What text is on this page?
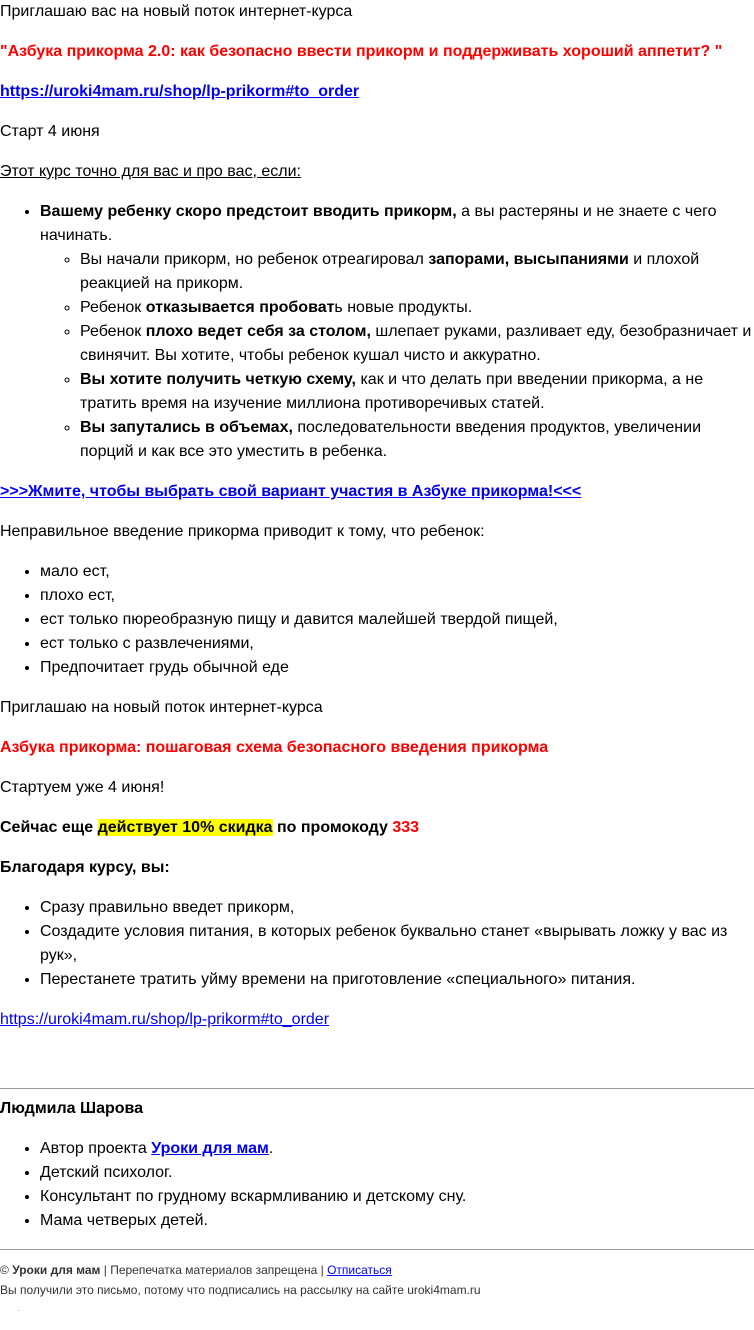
Приглашаю вас на новый поток интернет-курса

"Азбука прикорма 2.0: как безопасно ввести прикорм и поддерживать хороший аппетит? "

https://uroki4mam.ru/shop/lp-prikorm#to_order

Старт 4 июня

Этот курс точно для вас и про вас, если:

• Вашему ребенку скоро предстоит вводить прикорм, а вы растеряны и не знаете с чего начинать.
◦ Вы начали прикорм, но ребенок отреагировал запорами, высыпаниями и плохой реакцией на прикорм.
◦ Ребенок отказывается пробовать новые продукты.
◦ Ребенок плохо ведет себя за столом, шлепает руками, разливает еду, безобразничает и свинячит. Вы хотите, чтобы ребенок кушал чисто и аккуратно.
◦ Вы хотите получить четкую схему, как и что делать при введении прикорма, а не тратить время на изучение миллиона противоречивых статей.
◦ Вы запутались в объемах, последовательности введения продуктов, увеличении порций и как все это уместить в ребенка.

>>>Жмите, чтобы выбрать свой вариант участия в Азбуке прикорма!<<<

Неправильное введение прикорма приводит к тому, что ребенок:

• мало ест,
• плохо ест,
• ест только пюреобразную пищу и давится малейшей твердой пищей,
• ест только с развлечениями,
• Предпочитает грудь обычной еде

Приглашаю на новый поток интернет-курса

Азбука прикорма: пошаговая схема безопасного введения прикорма

Стартуем уже 4 июня!

Сейчас еще действует 10% скидка по промокоду 333

Благодаря курсу, вы:

• Сразу правильно введет прикорм,
• Создадите условия питания, в которых ребенок буквально станет «вырывать ложку у вас из рук»,
• Перестанете тратить уйму времени на приготовление «специального» питания.

https://uroki4mam.ru/shop/lp-prikorm#to_order

Людмила Шарова

• Автор проекта Уроки для мам.
• Детский психолог.
• Консультант по грудному вскармливанию и детскому сну.
• Мама четверых детей.

© Уроки для мам | Перепечатка материалов запрещена | Отписаться

Вы получили это письмо, потому что подписались на рассылку на сайте uroki4mam.ru
